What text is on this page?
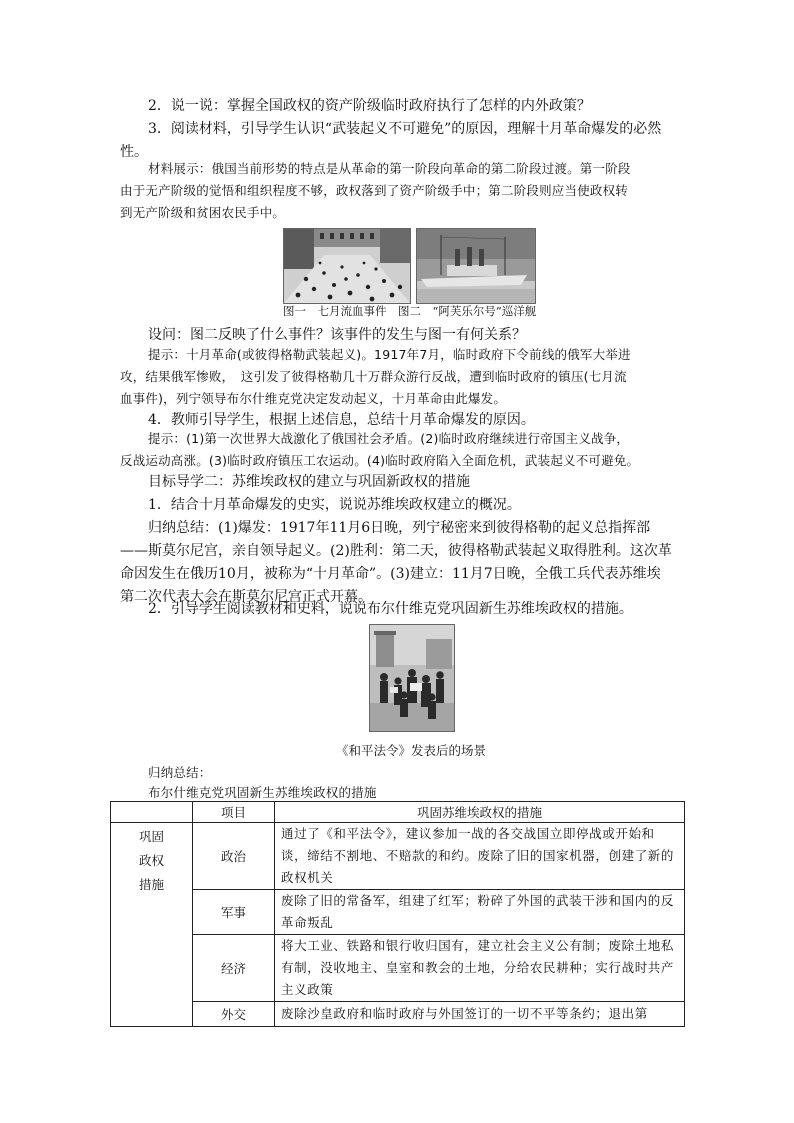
2．说一说：掌握全国政权的资产阶级临时政府执行了怎样的内外政策？
3．阅读材料，引导学生认识“武装起义不可避免”的原因，理解十月革命爆发的必然
性。
材料展示：俄国当前形势的特点是从革命的第一阶段向革命的第二阶段过渡。第一阶段
由于无产阶级的觉悟和组织程度不够，政权落到了资产阶级手中；第二阶段则应当使政权转
到无产阶级和贫困农民手中。
图一　七月流血事件　图二　“阿芙乐尔号”巡洋舰
设问：图二反映了什么事件？该事件的发生与图一有何关系？
提示：十月革命(或彼得格勒武装起义)。1917年7月，临时政府下令前线的俄军大举进
攻，结果俄军惨败，　这引发了彼得格勒几十万群众游行反战，遭到临时政府的镇压(七月流
血事件)，列宁领导布尔什维克党决定发动起义，十月革命由此爆发。
4．教师引导学生，根据上述信息，总结十月革命爆发的原因。
提示：(1)第一次世界大战激化了俄国社会矛盾。(2)临时政府继续进行帝国主义战争，
反战运动高涨。(3)临时政府镇压工农运动。(4)临时政府陷入全面危机，武装起义不可避免。
目标导学二：苏维埃政权的建立与巩固新政权的措施
1．结合十月革命爆发的史实，说说苏维埃政权建立的概况。
归纳总结：(1)爆发：1917年11月6日晚，列宁秘密来到彼得格勒的起义总指挥部
——斯莫尔尼宫，亲自领导起义。(2)胜利：第二天，彼得格勒武装起义取得胜利。这次革
命因发生在俄历10月，被称为“十月革命”。(3)建立：11月7日晚，全俄工兵代表苏维埃
第二次代表大会在斯莫尔尼宫正式开幕。
2．引导学生阅读教材和史料，说说布尔什维克党巩固新生苏维埃政权的措施。
《和平法令》发表后的场景
归纳总结：
布尔什维克党巩固新生苏维埃政权的措施
	项目	巩固苏维埃政权的措施

巩固
政权
措施	政治	通过了《和平法令》，建议参加一战的各交战国立即停战或开始和谈，缔结不割地、不赔款的和约。废除了旧的国家机器，创建了新的政权机关
	军事	废除了旧的常备军，组建了红军；粉碎了外国的武装干涉和国内的反革命叛乱
	经济	将大工业、铁路和银行收归国有，建立社会主义公有制；废除土地私有制，没收地主、皇室和教会的土地，分给农民耕种；实行战时共产主义政策
	外交	废除沙皇政府和临时政府与外国签订的一切不平等条约；退出第
